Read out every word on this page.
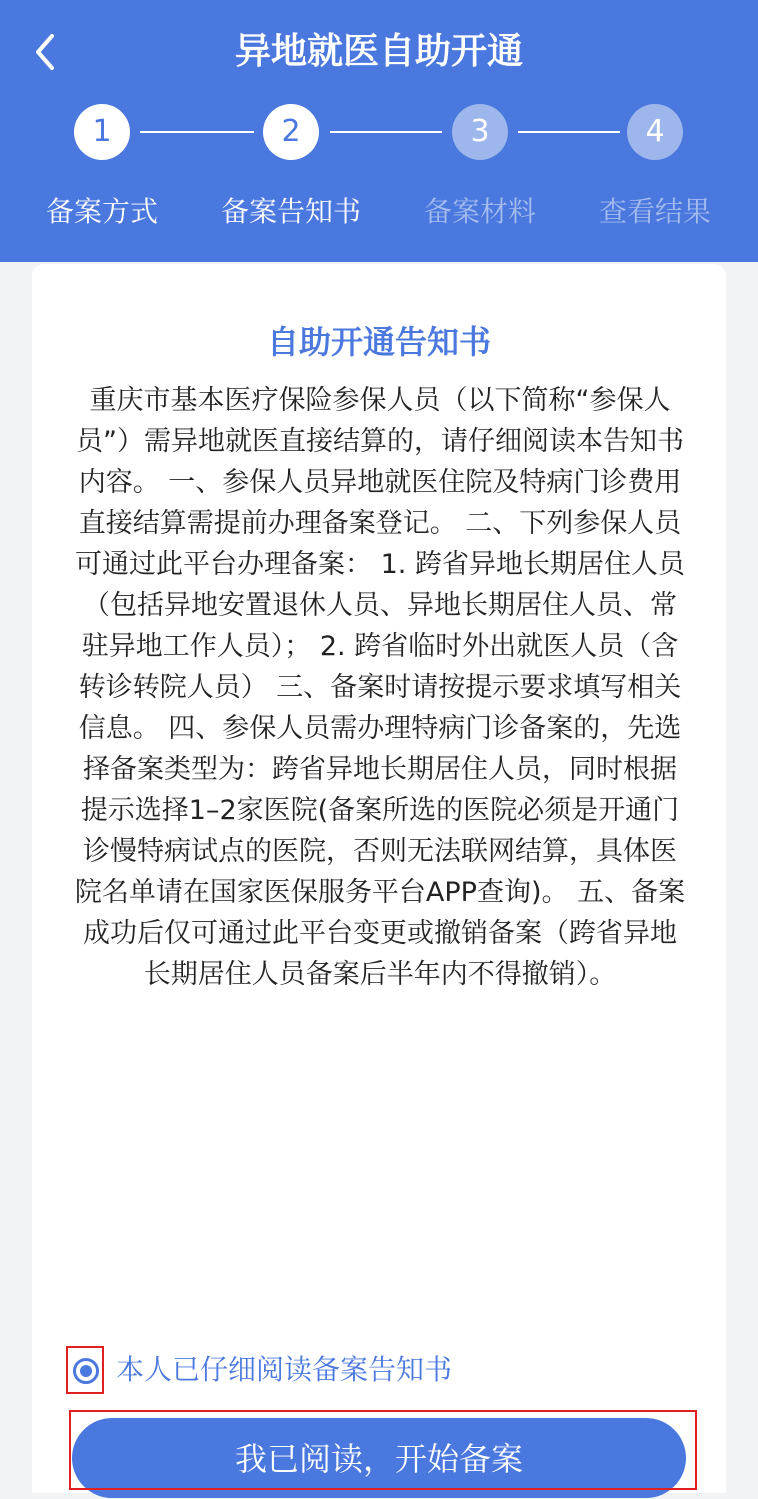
异地就医自助开通
1	2	3	4
备案方式	备案告知书	备案材料	查看结果
自助开通告知书
重庆市基本医疗保险参保人员（以下简称“参保人员”）需异地就医直接结算的，请仔细阅读本告知书内容。 一、参保人员异地就医住院及特病门诊费用直接结算需提前办理备案登记。 二、下列参保人员可通过此平台办理备案： 1. 跨省异地长期居住人员（包括异地安置退休人员、异地长期居住人员、常驻异地工作人员）； 2. 跨省临时外出就医人员（含转诊转院人员） 三、备案时请按提示要求填写相关信息。 四、参保人员需办理特病门诊备案的，先选择备案类型为：跨省异地长期居住人员，同时根据提示选择1–2家医院(备案所选的医院必须是开通门诊慢特病试点的医院，否则无法联网结算，具体医院名单请在国家医保服务平台APP查询)。 五、备案成功后仅可通过此平台变更或撤销备案（跨省异地长期居住人员备案后半年内不得撤销）。
本人已仔细阅读备案告知书
我已阅读，开始备案
